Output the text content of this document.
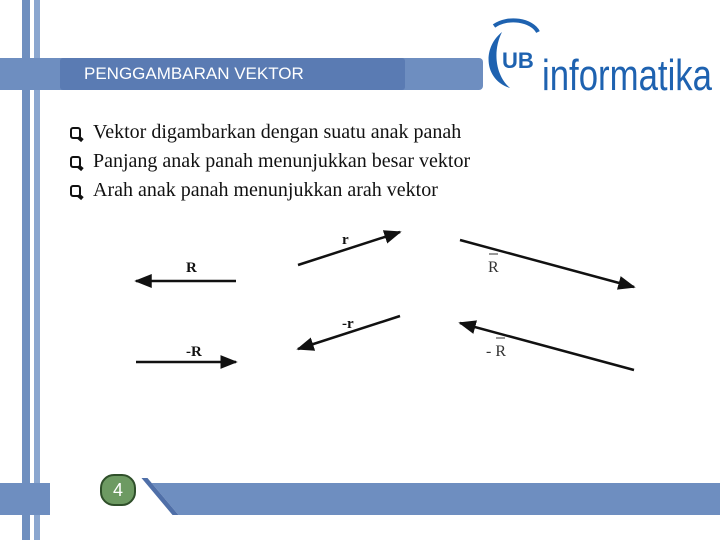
PENGGAMBARAN VEKTOR
UB informatika
Vektor digambarkan dengan suatu anak panah
Panjang anak panah menunjukkan besar vektor
Arah anak panah menunjukkan arah vektor
R
-R
r
-r
R
- R
4
